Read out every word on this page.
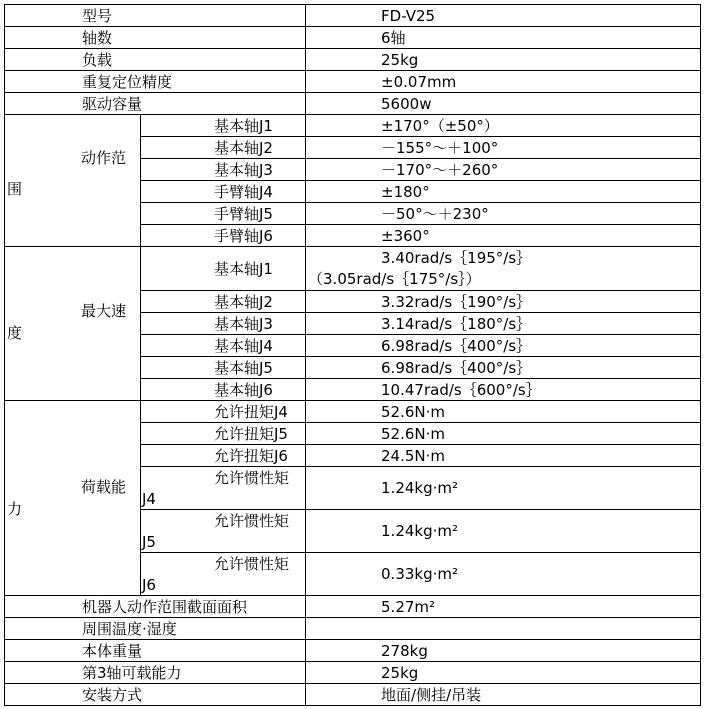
型号		FD-V25
轴数		6轴
负载		25kg
重复定位精度		±0.07mm
驱动容量		5600w

围
动作范	基本轴J1	±170°（±50°）
	基本轴J2	－155°～＋100°
	基本轴J3	－170°～＋260°
	手臂轴J4	±180°
	手臂轴J5	－50°～＋230°
	手臂轴J6	±360°

度
最大速	基本轴J1	3.40rad/s｛195°/s｝
（3.05rad/s｛175°/s｝）

	基本轴J2	3.32rad/s｛190°/s｝
	基本轴J3	3.14rad/s｛180°/s｝
	基本轴J4	6.98rad/s｛400°/s｝
	基本轴J5	6.98rad/s｛400°/s｝
	基本轴J6	10.47rad/s｛600°/s｝

力
荷载能	允许扭矩J4	52.6N·m
	允许扭矩J5	52.6N·m
	允许扭矩J6	24.5N·m

	允许惯性矩
J4	1.24kg·m²

	允许惯性矩
J5	1.24kg·m²

	允许惯性矩
J6	0.33kg·m²
机器人动作范围截面面积		5.27m²
周围温度·湿度		
本体重量		278kg
第3轴可载能力		25kg
安装方式		地面/侧挂/吊装
